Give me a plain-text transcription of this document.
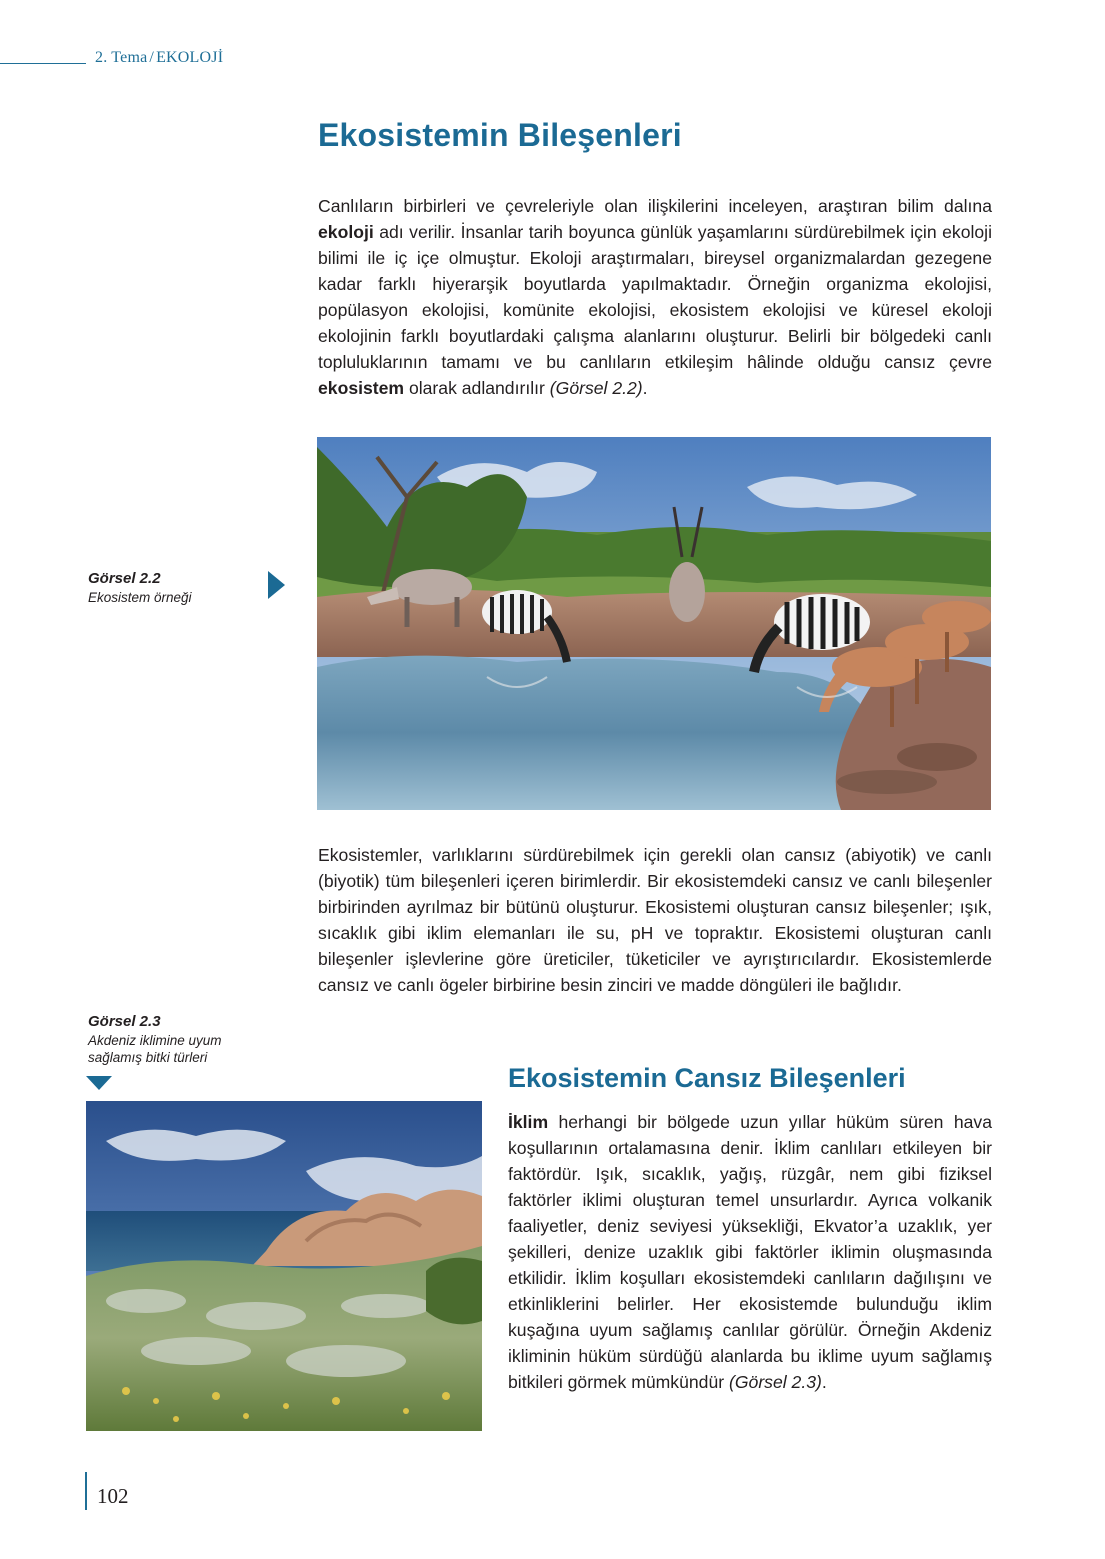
2. Tema / EKOLOJİ
Ekosistemin Bileşenleri

Canlıların birbirleri ve çevreleriyle olan ilişkilerini inceleyen, araştıran bilim dalına ekoloji adı verilir. İnsanlar tarih boyunca günlük yaşamlarını sürdürebilmek için ekoloji bilimi ile iç içe olmuştur. Ekoloji araştırmaları, bireysel organizmalardan gezegene kadar farklı hiyerarşik boyutlarda yapılmaktadır. Örneğin organizma ekolojisi, popülasyon ekolojisi, komünite ekolojisi, ekosistem ekolojisi ve küresel ekoloji ekolojinin farklı boyutlardaki çalışma alanlarını oluşturur. Belirli bir bölgedeki canlı topluluklarının tamamı ve bu canlıların etkileşim hâlinde olduğu cansız çevre ekosistem olarak adlandırılır (Görsel 2.2).

Görsel 2.2
Ekosistem örneği

Ekosistemler, varlıklarını sürdürebilmek için gerekli olan cansız (abiyotik) ve canlı (biyotik) tüm bileşenleri içeren birimlerdir. Bir ekosistemdeki cansız ve canlı bileşenler birbirinden ayrılmaz bir bütünü oluşturur. Ekosistemi oluşturan cansız bileşenler; ışık, sıcaklık gibi iklim elemanları ile su, pH ve topraktır. Ekosistemi oluşturan canlı bileşenler işlevlerine göre üreticiler, tüketiciler ve ayrıştırıcılardır. Ekosistemlerde cansız ve canlı ögeler birbirine besin zinciri ve madde döngüleri ile bağlıdır.

Görsel 2.3
Akdeniz iklimine uyum sağlamış bitki türleri
Ekosistemin Cansız Bileşenleri

İklim herhangi bir bölgede uzun yıllar hüküm süren hava koşullarının ortalamasına denir. İklim canlıları etkileyen bir faktördür. Işık, sıcaklık, yağış, rüzgâr, nem gibi fiziksel faktörler iklimi oluşturan temel unsurlardır. Ayrıca volkanik faaliyetler, deniz seviyesi yüksekliği, Ekvator’a uzaklık, yer şekilleri, denize uzaklık gibi faktörler iklimin oluşmasında etkilidir. İklim koşulları ekosistemdeki canlıların dağılışını ve etkinliklerini belirler. Her ekosistemde bulunduğu iklim kuşağına uyum sağlamış canlılar görülür. Örneğin Akdeniz ikliminin hüküm sürdüğü alanlarda bu iklime uyum sağlamış bitkileri görmek mümkündür (Görsel 2.3).

102
